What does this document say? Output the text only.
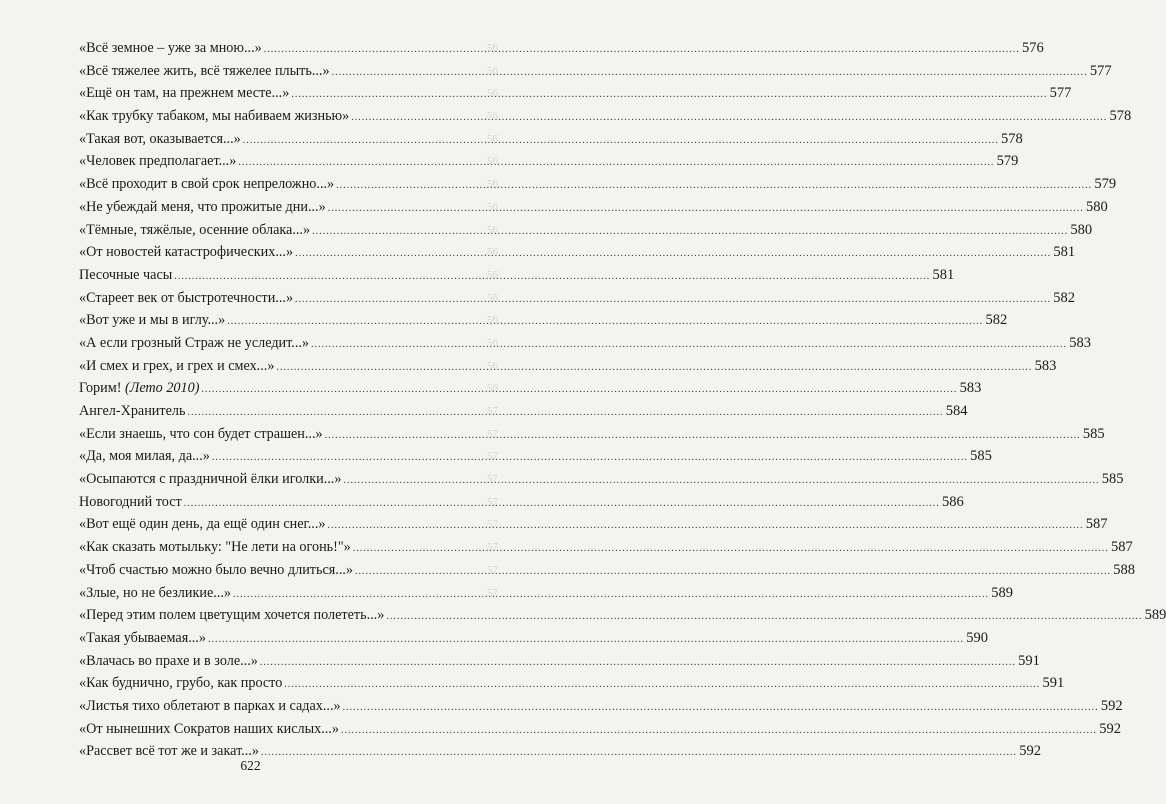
«Всё земное – уже за мною...» .....	576
«Всё тяжелее жить, всё тяжелее плыть...» .....	577
«Ещё он там, на прежнем месте...» .....	577
«Как трубку табаком, мы набиваем жизнью» .....	578
«Такая вот, оказывается...» .....	578
«Человек предполагает...» .....	579
«Всё проходит в свой срок непреложно...» .....	579
«Не убеждай меня, что прожитые дни...» .....	580
«Тёмные, тяжёлые, осенние облака...» .....	580
«От новостей катастрофических...» .....	581
Песочные часы .....	581
«Стареет век от быстротечности...» .....	582
«Вот уже и мы в иглу...» .....	582
«А если грозный Страж не уследит...» .....	583
«И смех и грех, и грех и смех...» .....	583
Горим! (Лето 2010) .....	583
Ангел-Хранитель .....	584
«Если знаешь, что сон будет страшен...» .....	585
«Да, моя милая, да...» .....	585
«Осыпаются с праздничной ёлки иголки...» .....	585
Новогодний тост .....	586
«Вот ещё один день, да ещё один снег...» .....	587
«Как сказать мотыльку: "Не лети на огонь!"» .....	587
«Чтоб счастью можно было вечно длиться...» .....	588
«Злые, но не безликие...» .....	589
«Перед этим полем цветущим хочется полететь...» .....	589
«Такая убываемая...» .....	590
«Влачась во прахе и в золе...» .....	591
«Как буднично, грубо, как просто .....	591
«Листья тихо облетают в парках и садах...» .....	592
«От нынешних Сократов наших кислых...» .....	592
«Рассвет всё тот же и закат...» .....	592
56
56
56
56
56
56
56
56
56
56
56
56
56
56
56
56
57
57
57
57
57
57
57
57
57
622
